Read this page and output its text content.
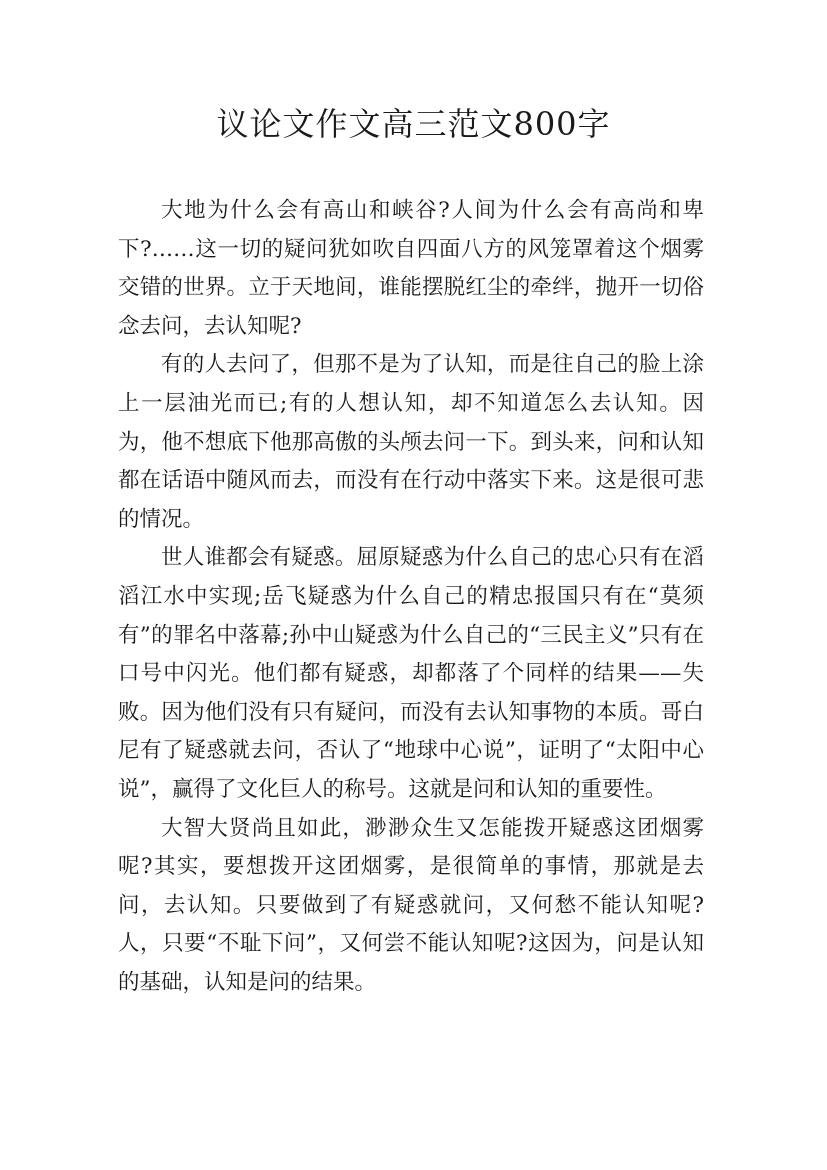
议论文作文高三范文800字

大地为什么会有高山和峡谷?人间为什么会有高尚和卑下?……这一切的疑问犹如吹自四面八方的风笼罩着这个烟雾交错的世界。立于天地间，谁能摆脱红尘的牵绊，抛开一切俗念去问，去认知呢?

有的人去问了，但那不是为了认知，而是往自己的脸上涂上一层油光而已;有的人想认知，却不知道怎么去认知。因为，他不想底下他那高傲的头颅去问一下。到头来，问和认知都在话语中随风而去，而没有在行动中落实下来。这是很可悲的情况。

世人谁都会有疑惑。屈原疑惑为什么自己的忠心只有在滔滔江水中实现;岳飞疑惑为什么自己的精忠报国只有在“莫须有”的罪名中落幕;孙中山疑惑为什么自己的“三民主义”只有在口号中闪光。他们都有疑惑，却都落了个同样的结果——失败。因为他们没有只有疑问，而没有去认知事物的本质。哥白尼有了疑惑就去问，否认了“地球中心说”，证明了“太阳中心说”，赢得了文化巨人的称号。这就是问和认知的重要性。

大智大贤尚且如此，渺渺众生又怎能拨开疑惑这团烟雾呢?其实，要想拨开这团烟雾，是很简单的事情，那就是去问，去认知。只要做到了有疑惑就问，又何愁不能认知呢?人，只要“不耻下问”，又何尝不能认知呢?这因为，问是认知的基础，认知是问的结果。
